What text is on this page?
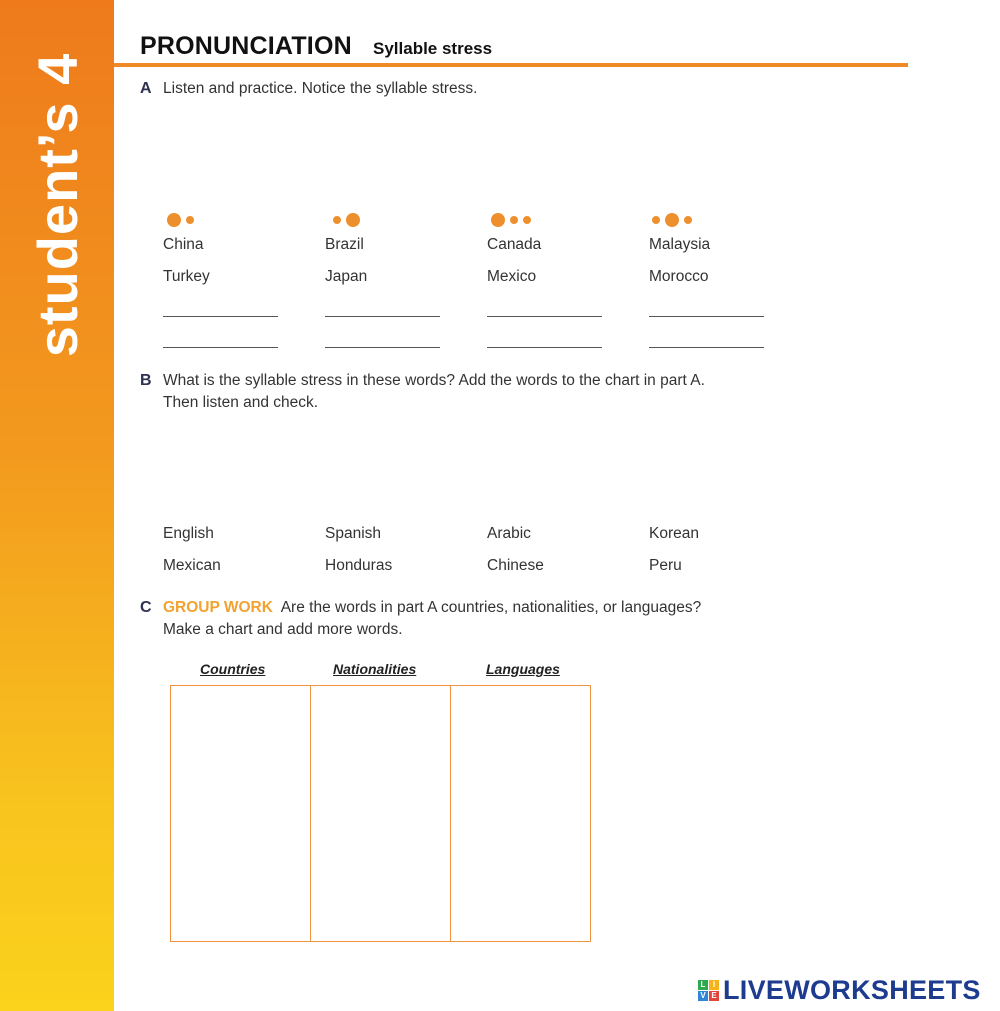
student’s 4
PRONUNCIATION Syllable stress
A Listen and practice. Notice the syllable stress.
China
Turkey
Brazil
Japan
Canada
Mexico
Malaysia
Morocco
B What is the syllable stress in these words? Add the words to the chart in part A.
Then listen and check.
English
Mexican
Spanish
Honduras
Arabic
Chinese
Korean
Peru
C GROUP WORK Are the words in part A countries, nationalities, or languages?
Make a chart and add more words.
Countries	Nationalities	Languages
L I
V E LIVEWORKSHEETS
